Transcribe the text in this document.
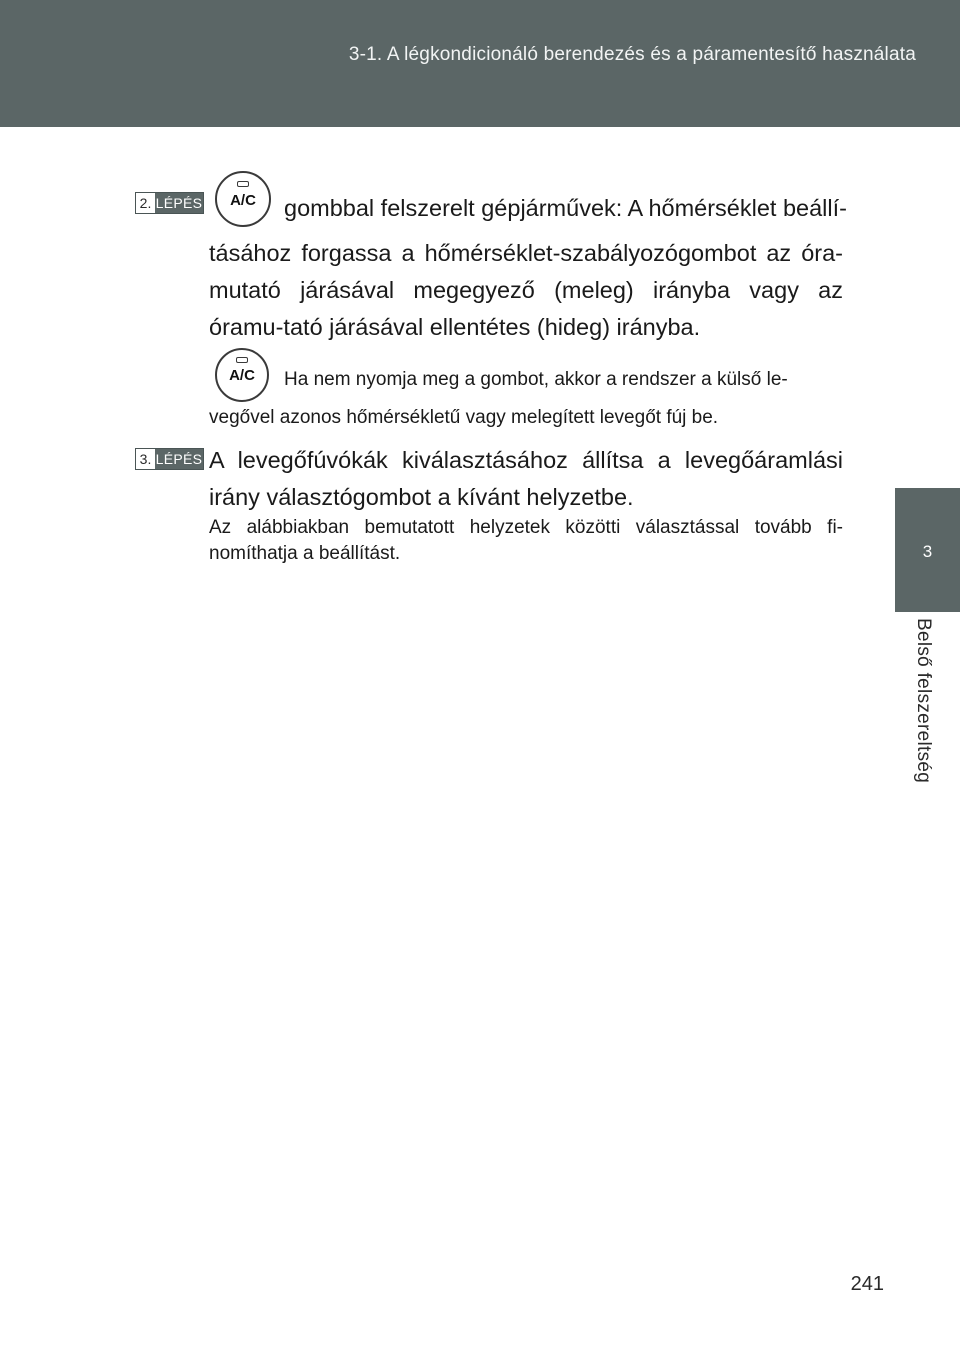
3-1. A légkondicionáló berendezés és a páramentesítő használata
3
Belső felszereltség
2. LÉPÉS	A/C	gombbal felszerelt gépjárművek: A hőmérséklet beállí-

tásához forgassa a hőmérséklet-szabályozógombot az óra-mutató járásával megegyező (meleg) irányba vagy az óramu-tató járásával ellentétes (hideg) irányba.

A/C	Ha nem nyomja meg a gombot, akkor a rendszer a külső le-

vegővel azonos hőmérsékletű vagy melegített levegőt fúj be.

3. LÉPÉS A levegőfúvókák kiválasztásához állítsa a levegőáramlási irány választógombot a kívánt helyzetbe.

Az alábbiakban bemutatott helyzetek közötti választással tovább fi-nomíthatja a beállítást.

241
